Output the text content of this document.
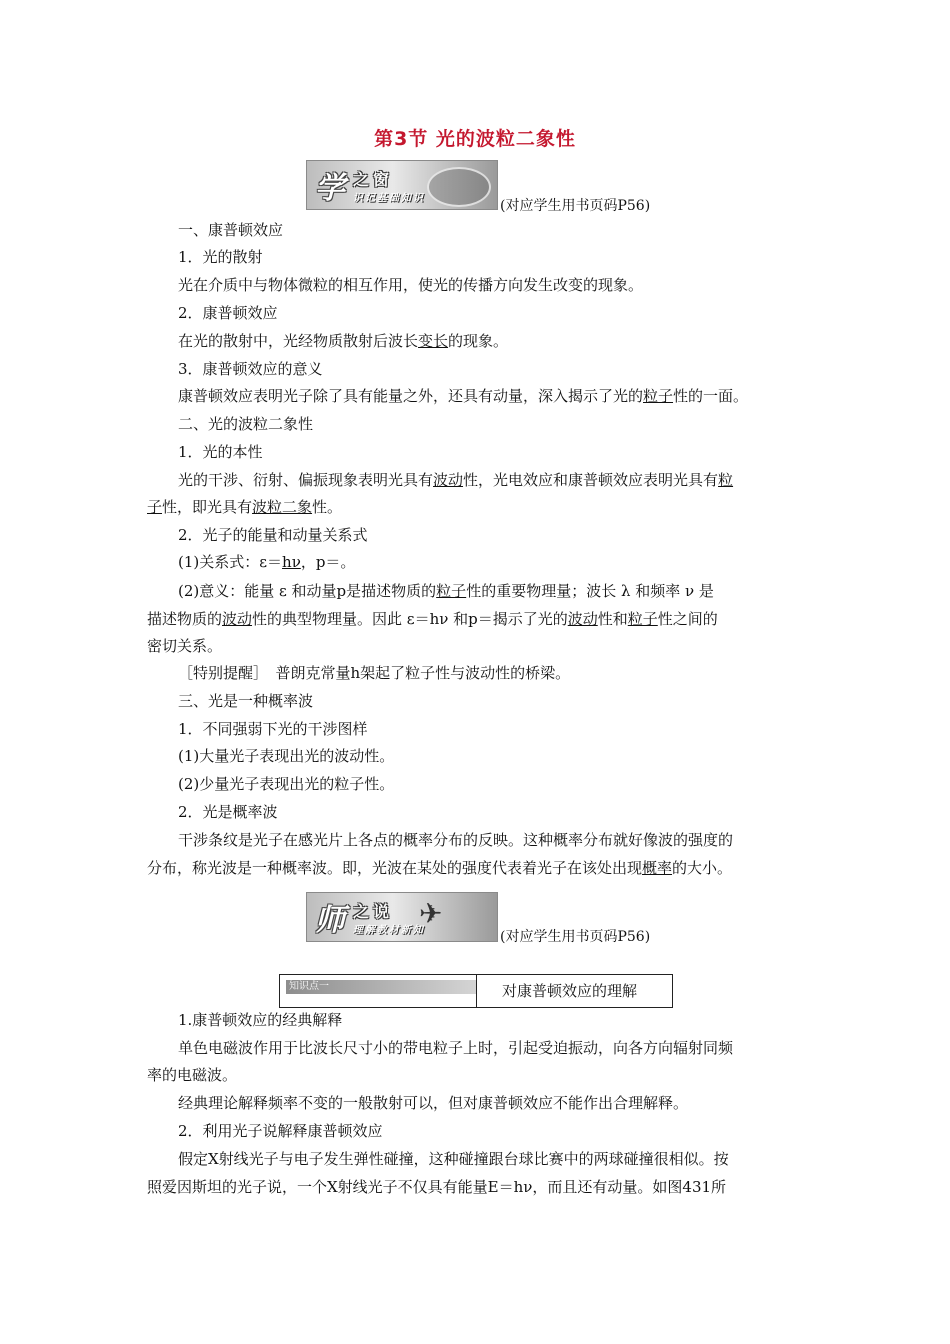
第3节 光的波粒二象性
学 之窗
识记基础知识	(对应学生用书页码P56)
一、康普顿效应
1．光的散射
光在介质中与物体微粒的相互作用，使光的传播方向发生改变的现象。
2．康普顿效应
在光的散射中，光经物质散射后波长变长的现象。
3．康普顿效应的意义
康普顿效应表明光子除了具有能量之外，还具有动量，深入揭示了光的粒子性的一面。
二、光的波粒二象性
1．光的本性
光的干涉、衍射、偏振现象表明光具有波动性，光电效应和康普顿效应表明光具有粒
子性，即光具有波粒二象性。
2．光子的能量和动量关系式
(1)关系式：ε＝hν，p＝。
(2)意义：能量 ε 和动量p是描述物质的粒子性的重要物理量；波长 λ 和频率 ν 是
描述物质的波动性的典型物理量。因此 ε＝hν 和p＝揭示了光的波动性和粒子性之间的
密切关系。
［特别提醒］　普朗克常量h架起了粒子性与波动性的桥梁。
三、光是一种概率波
1．不同强弱下光的干涉图样
(1)大量光子表现出光的波动性。
(2)少量光子表现出光的粒子性。
2．光是概率波
干涉条纹是光子在感光片上各点的概率分布的反映。这种概率分布就好像波的强度的
分布，称光波是一种概率波。即，光波在某处的强度代表着光子在该处出现概率的大小。
师 之说
理解教材新知
✈
(对应学生用书页码P56)
知识点一	对康普顿效应的理解
1.康普顿效应的经典解释
单色电磁波作用于比波长尺寸小的带电粒子上时，引起受迫振动，向各方向辐射同频
率的电磁波。
经典理论解释频率不变的一般散射可以，但对康普顿效应不能作出合理解释。
2．利用光子说解释康普顿效应
假定X射线光子与电子发生弹性碰撞，这种碰撞跟台球比赛中的两球碰撞很相似。按
照爱因斯坦的光子说，一个X射线光子不仅具有能量E＝hν，而且还有动量。如图431所
